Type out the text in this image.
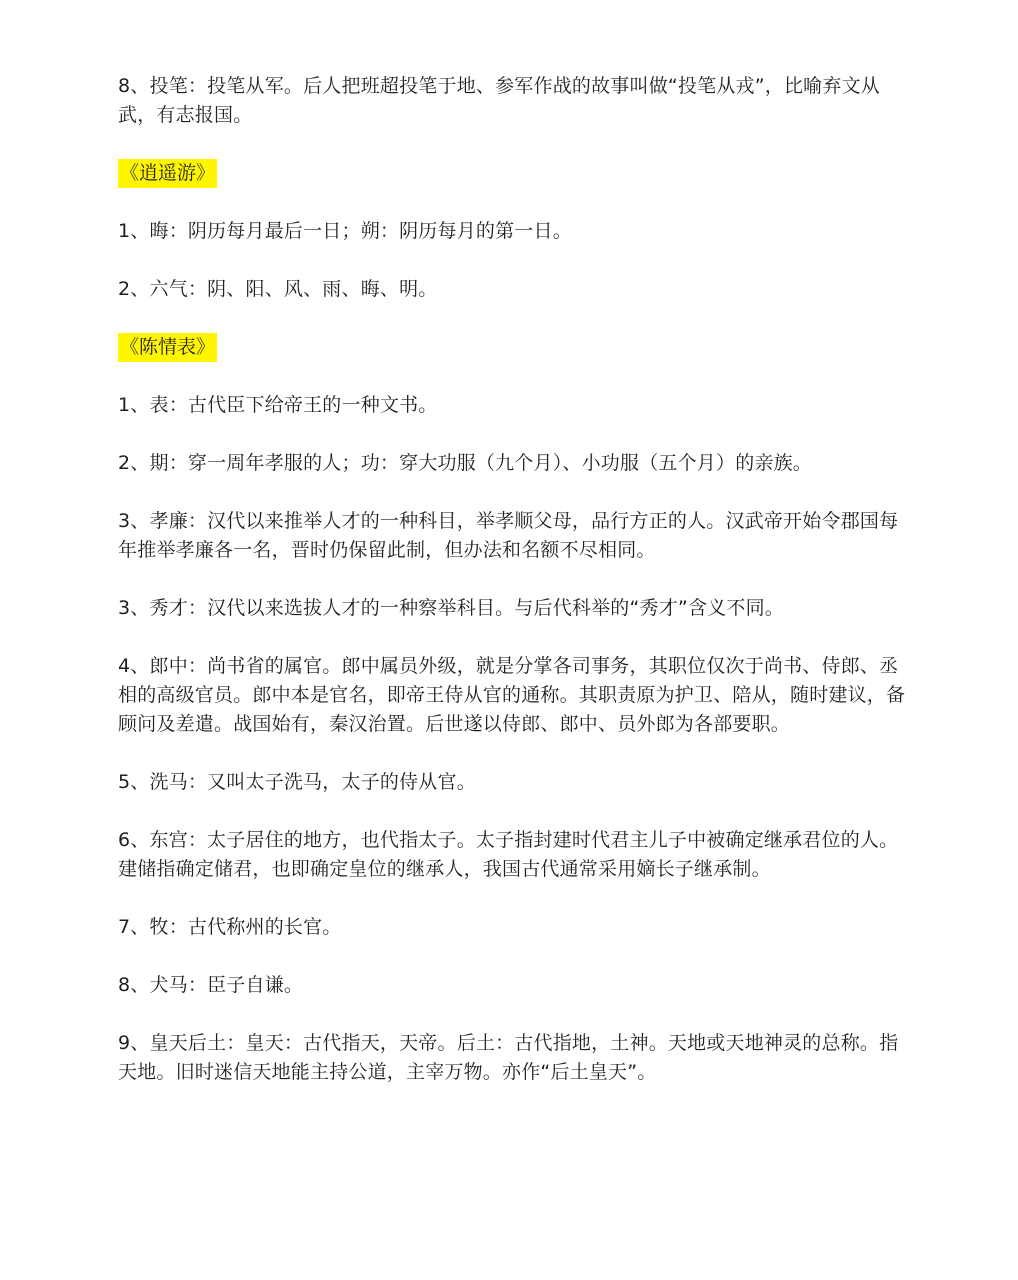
8、投笔：投笔从军。后人把班超投笔于地、参军作战的故事叫做“投笔从戎”，比喻弃文从武，有志报国。

《逍遥游》

1、晦：阴历每月最后一日；朔：阴历每月的第一日。

2、六气：阴、阳、风、雨、晦、明。

《陈情表》

1、表：古代臣下给帝王的一种文书。

2、期：穿一周年孝服的人；功：穿大功服（九个月）、小功服（五个月）的亲族。

3、孝廉：汉代以来推举人才的一种科目，举孝顺父母，品行方正的人。汉武帝开始令郡国每年推举孝廉各一名，晋时仍保留此制，但办法和名额不尽相同。

3、秀才：汉代以来选拔人才的一种察举科目。与后代科举的“秀才”含义不同。

4、郎中：尚书省的属官。郎中属员外级，就是分掌各司事务，其职位仅次于尚书、侍郎、丞相的高级官员。郎中本是官名，即帝王侍从官的通称。其职责原为护卫、陪从，随时建议，备顾问及差遣。战国始有，秦汉治置。后世遂以侍郎、郎中、员外郎为各部要职。

5、洗马：又叫太子洗马，太子的侍从官。

6、东宫：太子居住的地方，也代指太子。太子指封建时代君主儿子中被确定继承君位的人。建储指确定储君，也即确定皇位的继承人，我国古代通常采用嫡长子继承制。

7、牧：古代称州的长官。

8、犬马：臣子自谦。

9、皇天后土：皇天：古代指天，天帝。后土：古代指地，土神。天地或天地神灵的总称。指天地。旧时迷信天地能主持公道，主宰万物。亦作“后土皇天”。
